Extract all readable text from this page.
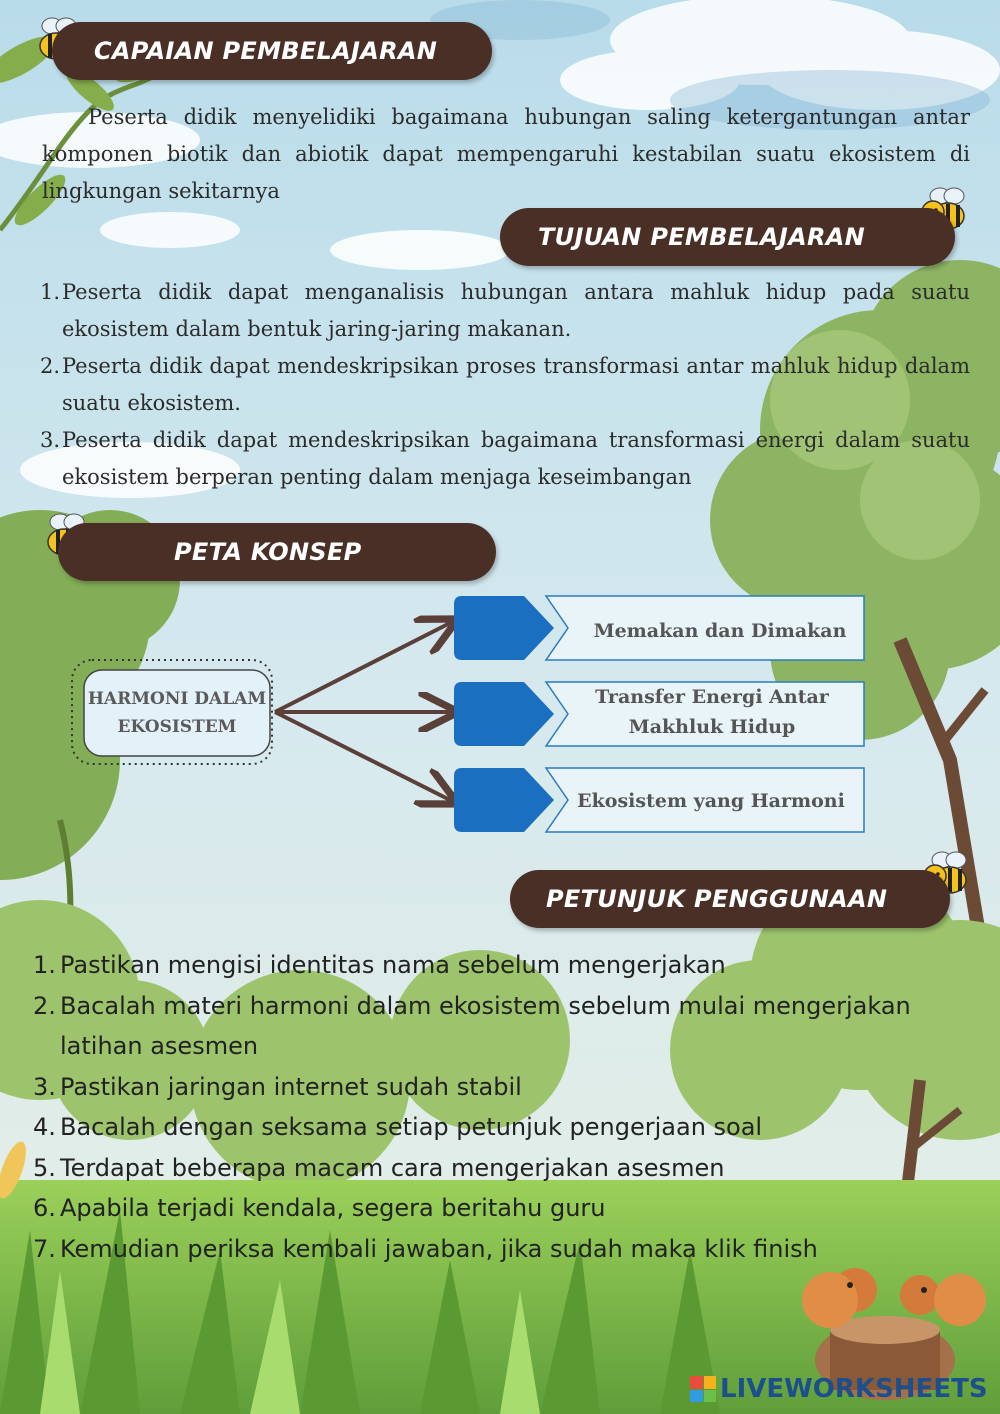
CAPAIAN PEMBELAJARAN
Peserta didik menyelidiki bagaimana hubungan saling ketergantungan antar komponen biotik dan abiotik dapat mempengaruhi kestabilan suatu ekosistem di lingkungan sekitarnya
TUJUAN PEMBELAJARAN
1. Peserta didik dapat menganalisis hubungan antara mahluk hidup pada suatu ekosistem dalam bentuk jaring-jaring makanan.
2. Peserta didik dapat mendeskripsikan proses transformasi antar mahluk hidup dalam suatu ekosistem.
3. Peserta didik dapat mendeskripsikan bagaimana transformasi energi dalam suatu ekosistem berperan penting dalam menjaga keseimbangan
PETA KONSEP
HARMONI DALAM EKOSISTEM
Memakan dan Dimakan
Transfer Energi Antar Makhluk Hidup
Ekosistem yang Harmoni
PETUNJUK PENGGUNAAN
1. Pastikan mengisi identitas nama sebelum mengerjakan
2. Bacalah materi harmoni dalam ekosistem sebelum mulai mengerjakan latihan asesmen
3. Pastikan jaringan internet sudah stabil
4. Bacalah dengan seksama setiap petunjuk pengerjaan soal
5. Terdapat beberapa macam cara mengerjakan asesmen
6. Apabila terjadi kendala, segera beritahu guru
7. Kemudian periksa kembali jawaban, jika sudah maka klik finish
LIVEWORKSHEETS
